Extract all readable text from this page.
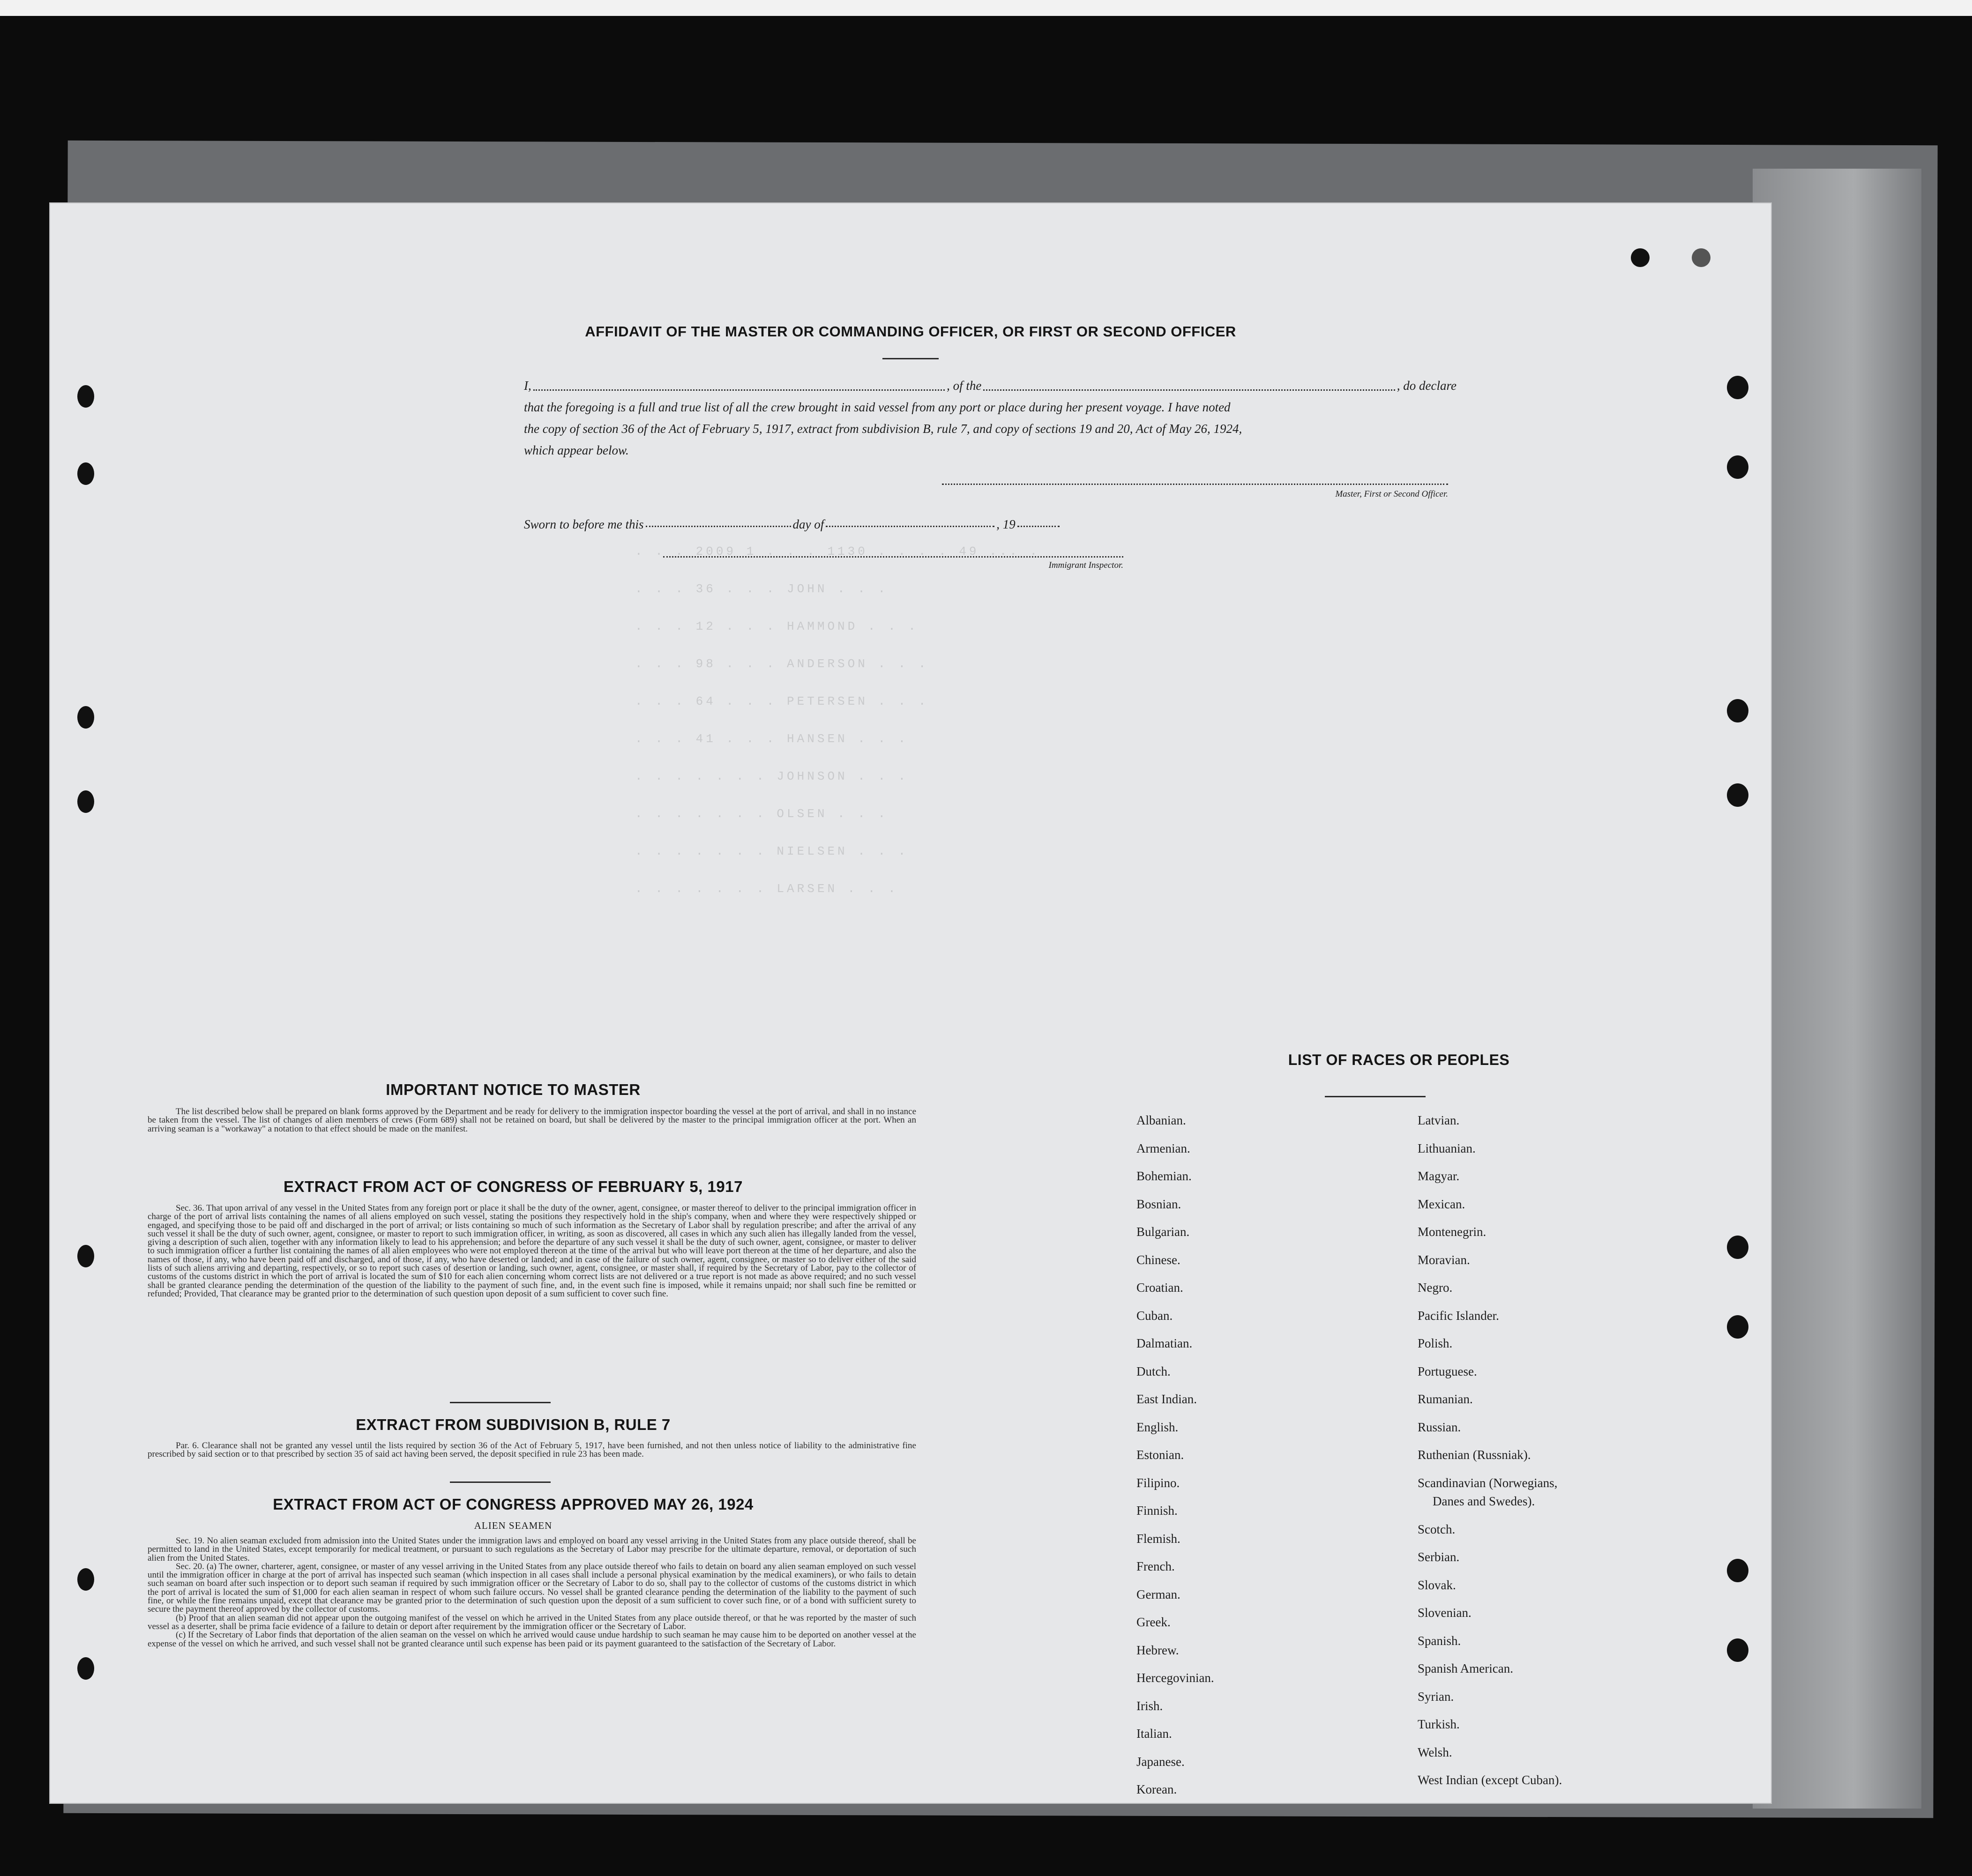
. . . 2009 1 . . . 1130 . . . . 49 ... .
. . . 36 . . . JOHN . . .
. . . 12 . . . HAMMOND . . .
. . . 98 . . . ANDERSON . . .
. . . 64 . . . PETERSEN . . .
. . . 41 . . . HANSEN . . .
. . . . . . . JOHNSON . . .
. . . . . . . OLSEN . . .
. . . . . . . NIELSEN . . .
. . . . . . . LARSEN . . .
AFFIDAVIT OF THE MASTER OR COMMANDING OFFICER, OR FIRST OR SECOND OFFICER
I,	, of the	, do declare
that the foregoing is a full and true list of all the crew brought in said vessel from any port or place during her present voyage. I have noted
the copy of section 36 of the Act of February 5, 1917, extract from subdivision B, rule 7, and copy of sections 19 and 20, Act of May 26, 1924,
which appear below.
Master, First or Second Officer.
Sworn to before me this	day of	, 19
Immigrant Inspector.
IMPORTANT NOTICE TO MASTER

The list described below shall be prepared on blank forms approved by the Department and be ready for delivery to the immigration inspector boarding the vessel at the port of arrival, and shall in no instance be taken from the vessel. The list of changes of alien members of crews (Form 689) shall not be retained on board, but shall be delivered by the master to the principal immigration officer at the port. When an arriving seaman is a "workaway" a notation to that effect should be made on the manifest.

EXTRACT FROM ACT OF CONGRESS OF FEBRUARY 5, 1917

Sec. 36. That upon arrival of any vessel in the United States from any foreign port or place it shall be the duty of the owner, agent, consignee, or master thereof to deliver to the principal immigration officer in charge of the port of arrival lists containing the names of all aliens employed on such vessel, stating the positions they respectively hold in the ship's company, when and where they were respectively shipped or engaged, and specifying those to be paid off and discharged in the port of arrival; or lists containing so much of such information as the Secretary of Labor shall by regulation prescribe; and after the arrival of any such vessel it shall be the duty of such owner, agent, consignee, or master to report to such immigration officer, in writing, as soon as discovered, all cases in which any such alien has illegally landed from the vessel, giving a description of such alien, together with any information likely to lead to his apprehension; and before the departure of any such vessel it shall be the duty of such owner, agent, consignee, or master to deliver to such immigration officer a further list containing the names of all alien employees who were not employed thereon at the time of the arrival but who will leave port thereon at the time of her departure, and also the names of those, if any, who have been paid off and discharged, and of those, if any, who have deserted or landed; and in case of the failure of such owner, agent, consignee, or master so to deliver either of the said lists of such aliens arriving and departing, respectively, or so to report such cases of desertion or landing, such owner, agent, consignee, or master shall, if required by the Secretary of Labor, pay to the collector of customs of the customs district in which the port of arrival is located the sum of $10 for each alien concerning whom correct lists are not delivered or a true report is not made as above required; and no such vessel shall be granted clearance pending the determination of the question of the liability to the payment of such fine, and, in the event such fine is imposed, while it remains unpaid; nor shall such fine be remitted or refunded; Provided, That clearance may be granted prior to the determination of such question upon deposit of a sum sufficient to cover such fine.

EXTRACT FROM SUBDIVISION B, RULE 7

Par. 6. Clearance shall not be granted any vessel until the lists required by section 36 of the Act of February 5, 1917, have been furnished, and not then unless notice of liability to the administrative fine prescribed by said section or to that prescribed by section 35 of said act having been served, the deposit specified in rule 23 has been made.

EXTRACT FROM ACT OF CONGRESS APPROVED MAY 26, 1924
ALIEN SEAMEN

Sec. 19. No alien seaman excluded from admission into the United States under the immigration laws and employed on board any vessel arriving in the United States from any place outside thereof, shall be permitted to land in the United States, except temporarily for medical treatment, or pursuant to such regulations as the Secretary of Labor may prescribe for the ultimate departure, removal, or deportation of such alien from the United States.

Sec. 20. (a) The owner, charterer, agent, consignee, or master of any vessel arriving in the United States from any place outside thereof who fails to detain on board any alien seaman employed on such vessel until the immigration officer in charge at the port of arrival has inspected such seaman (which inspection in all cases shall include a personal physical examination by the medical examiners), or who fails to detain such seaman on board after such inspection or to deport such seaman if required by such immigration officer or the Secretary of Labor to do so, shall pay to the collector of customs of the customs district in which the port of arrival is located the sum of $1,000 for each alien seaman in respect of whom such failure occurs. No vessel shall be granted clearance pending the determination of the liability to the payment of such fine, or while the fine remains unpaid, except that clearance may be granted prior to the determination of such question upon the deposit of a sum sufficient to cover such fine, or of a bond with sufficient surety to secure the payment thereof approved by the collector of customs.

(b) Proof that an alien seaman did not appear upon the outgoing manifest of the vessel on which he arrived in the United States from any place outside thereof, or that he was reported by the master of such vessel as a deserter, shall be prima facie evidence of a failure to detain or deport after requirement by the immigration officer or the Secretary of Labor.

(c) If the Secretary of Labor finds that deportation of the alien seaman on the vessel on which he arrived would cause undue hardship to such seaman he may cause him to be deported on another vessel at the expense of the vessel on which he arrived, and such vessel shall not be granted clearance until such expense has been paid or its payment guaranteed to the satisfaction of the Secretary of Labor.

LIST OF RACES OR PEOPLES
Albanian.
Armenian.
Bohemian.
Bosnian.
Bulgarian.
Chinese.
Croatian.
Cuban.
Dalmatian.
Dutch.
East Indian.
English.
Estonian.
Filipino.
Finnish.
Flemish.
French.
German.
Greek.
Hebrew.
Hercegovinian.
Irish.
Italian.
Japanese.
Korean.
Latvian.
Lithuanian.
Magyar.
Mexican.
Montenegrin.
Moravian.
Negro.
Pacific Islander.
Polish.
Portuguese.
Rumanian.
Russian.
Ruthenian (Russniak).
Scandinavian (Norwegians,
Danes and Swedes).
Scotch.
Serbian.
Slovak.
Slovenian.
Spanish.
Spanish American.
Syrian.
Turkish.
Welsh.
West Indian (except Cuban).
